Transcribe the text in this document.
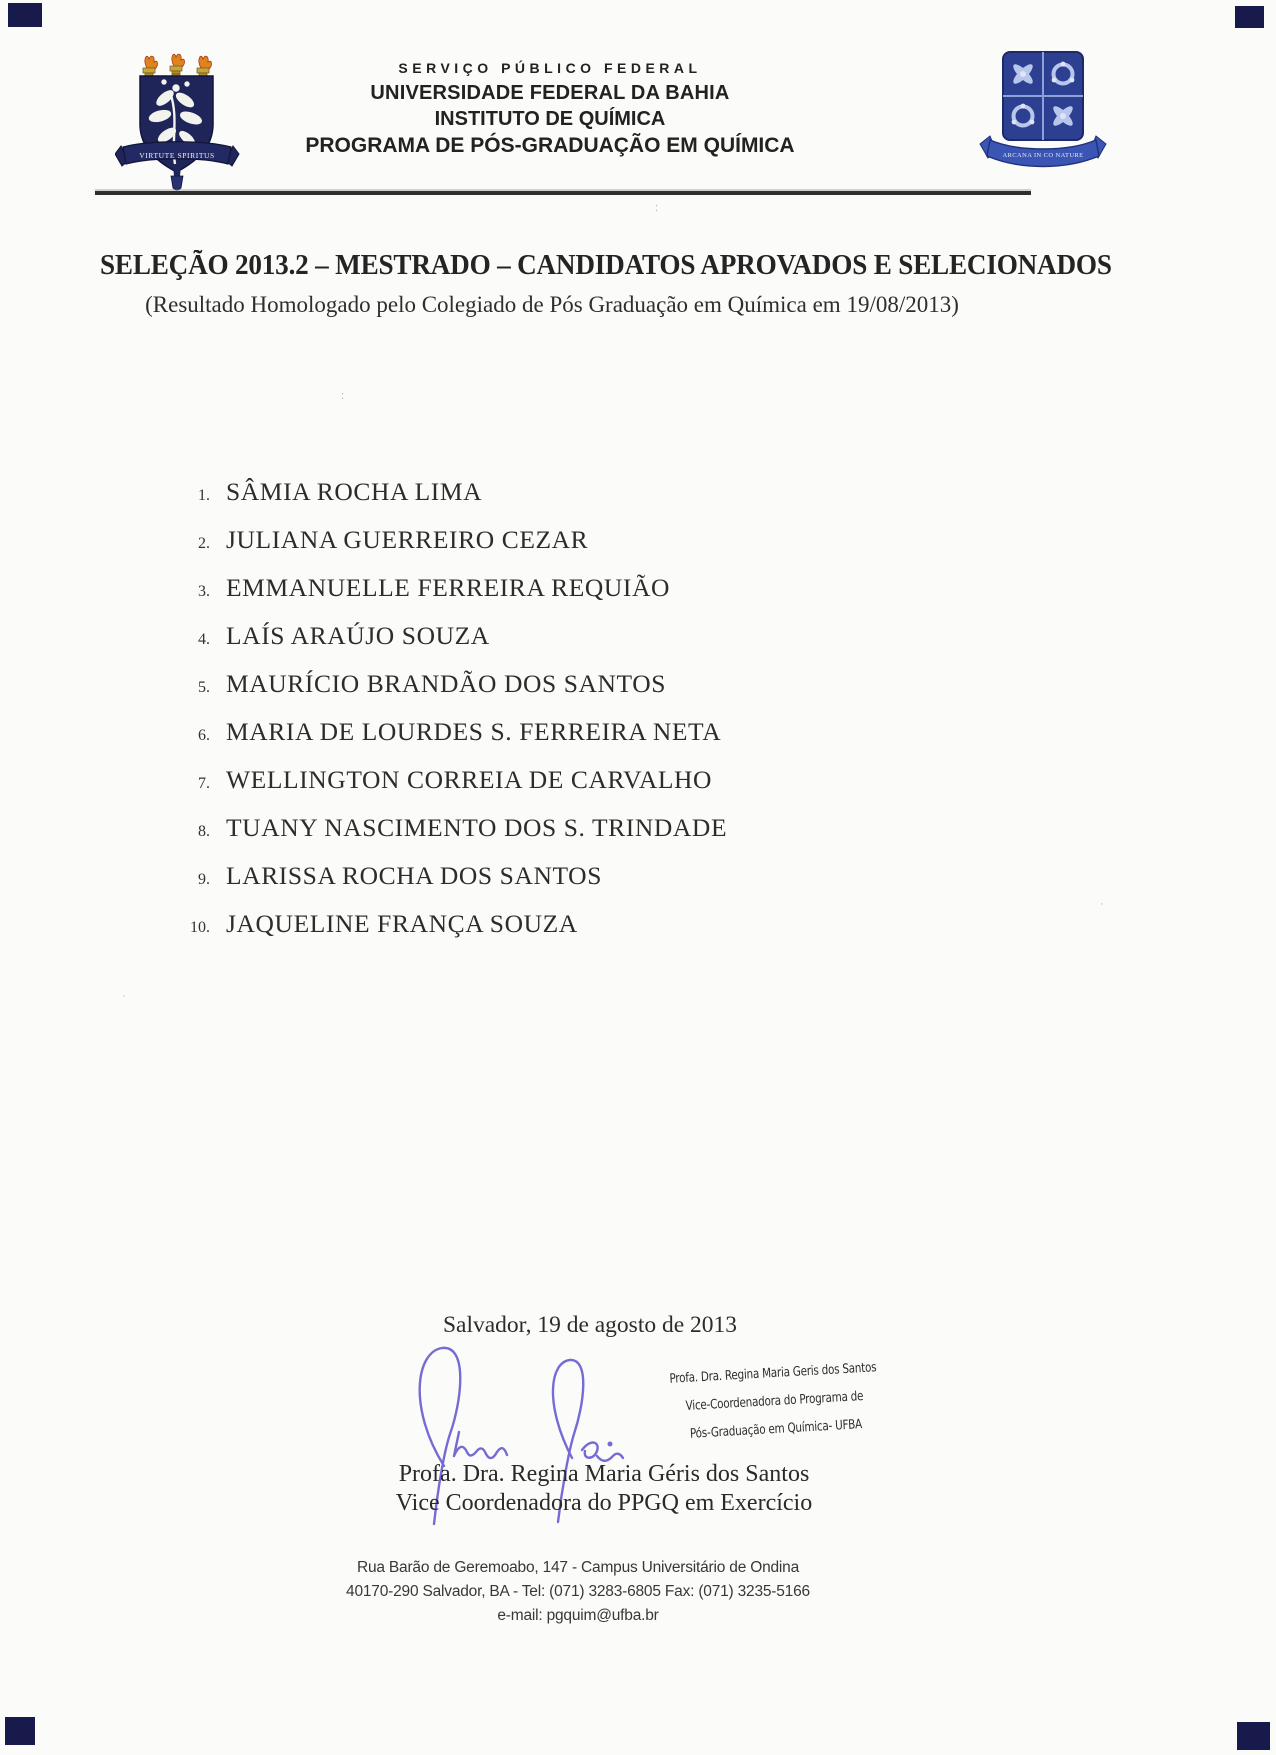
VIRTUTE SPIRITUS
SERVIÇO PÚBLICO FEDERAL
UNIVERSIDADE FEDERAL DA BAHIA
INSTITUTO DE QUÍMICA
PROGRAMA DE PÓS-GRADUAÇÃO EM QUÍMICA	ARCANA IN CO NATURE
:
:
·
·
SELEÇÃO 2013.2 – MESTRADO – CANDIDATOS APROVADOS E SELECIONADOS
(Resultado Homologado pelo Colegiado de Pós Graduação em Química em 19/08/2013)
1. SÂMIA ROCHA LIMA
2. JULIANA GUERREIRO CEZAR
3. EMMANUELLE FERREIRA REQUIÃO
4. LAÍS ARAÚJO SOUZA
5. MAURÍCIO BRANDÃO DOS SANTOS
6. MARIA DE LOURDES S. FERREIRA NETA
7. WELLINGTON CORREIA DE CARVALHO
8. TUANY NASCIMENTO DOS S. TRINDADE
9. LARISSA ROCHA DOS SANTOS
10. JAQUELINE FRANÇA SOUZA
Salvador, 19 de agosto de 2013
Profa. Dra. Regina Maria Geris dos Santos
Vice-Coordenadora do Programa de
Pós-Graduação em Química- UFBA
Profa. Dra. Regina Maria Géris dos Santos
Vice Coordenadora do PPGQ em Exercício
Rua Barão de Geremoabo, 147 - Campus Universitário de Ondina
40170-290 Salvador, BA - Tel: (071) 3283-6805 Fax: (071) 3235-5166
e-mail: pgquim@ufba.br
